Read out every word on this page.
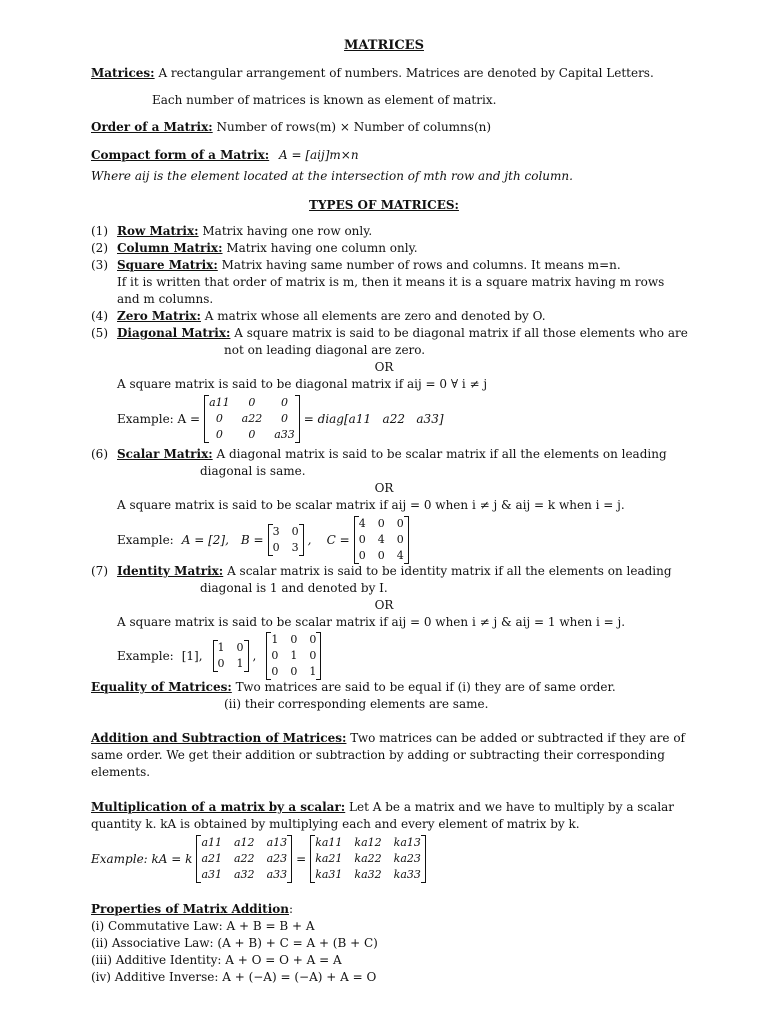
MATRICES
Matrices: A rectangular arrangement of numbers. Matrices are denoted by Capital Letters.
Each number of matrices is known as element of matrix.
Order of a Matrix: Number of rows(m) × Number of columns(n)
Compact form of a Matrix: A = [aij]m×n
Where aij is the element located at the intersection of mth row and jth column.
TYPES OF MATRICES:
(1) Row Matrix: Matrix having one row only.
(2) Column Matrix: Matrix having one column only.
(3) Square Matrix: Matrix having same number of rows and columns. It means m=n.
If it is written that order of matrix is m, then it means it is a square matrix having m rows
and m columns.
(4) Zero Matrix: A matrix whose all elements are zero and denoted by O.
(5) Diagonal Matrix: A square matrix is said to be diagonal matrix if all those elements who are
not on leading diagonal are zero.
OR
A square matrix is said to be diagonal matrix if aij = 0 ∀ i ≠ j
Example: A =
a11	0	0
0	a22	0
0	0	a33
= diag[a11   a22   a33]
(6) Scalar Matrix: A diagonal matrix is said to be scalar matrix if all the elements on leading
diagonal is same.
OR
A square matrix is said to be scalar matrix if aij = 0 when i ≠ j & aij = k when i = j.
Example: A = [2], B =
3 0
0 3
,    C =
4 0 0
0 4 0
0 0 4
(7) Identity Matrix: A scalar matrix is said to be identity matrix if all the elements on leading
diagonal is 1 and denoted by I.
OR
A square matrix is said to be scalar matrix if aij = 0 when i ≠ j & aij = 1 when i = j.
Example: [1],
1 0
0 1
,
1 0 0
0 1 0
0 0 1
Equality of Matrices: Two matrices are said to be equal if (i) they are of same order.
(ii) their corresponding elements are same.
Addition and Subtraction of Matrices: Two matrices can be added or subtracted if they are of
same order. We get their addition or subtraction by adding or subtracting their corresponding
elements.
Multiplication of a matrix by a scalar: Let A be a matrix and we have to multiply by a scalar
quantity k. kA is obtained by multiplying each and every element of matrix by k.
Example: kA = k
a11 a12 a13
a21 a22 a23
a31 a32 a33
=
ka11 ka12 ka13
ka21 ka22 ka23
ka31 ka32 ka33
Properties of Matrix Addition:
(i) Commutative Law: A + B = B + A
(ii) Associative Law: (A + B) + C = A + (B + C)
(iii) Additive Identity: A + O = O + A = A
(iv) Additive Inverse: A + (−A) = (−A) + A = O
